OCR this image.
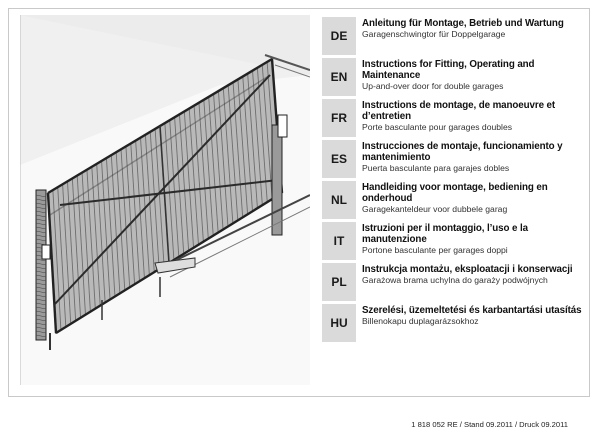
DE
Anleitung für Montage, Betrieb und Wartung
Garagenschwingtor für Doppelgarage
EN
Instructions for Fitting, Operating and Maintenance
Up-and-over door for double garages
FR
Instructions de montage, de manoeuvre et d’entretien
Porte basculante pour garages doubles
ES
Instrucciones de montaje, funcionamiento y mantenimiento
Puerta basculante para garajes dobles
NL
Handleiding voor montage, bediening en onderhoud
Garagekanteldeur voor dubbele garag
IT
Istruzioni per il montaggio, l’uso e la manutenzione
Portone basculante per garages doppi
PL
Instrukcja montażu, eksploatacji i konserwacji
Garażowa brama uchylna do garaży podwójnych
HU
Szerelési, üzemeltetési és karbantartási utasítás
Billenokapu duplagarázsokhoz
1 818 052 RE / Stand 09.2011 / Druck 09.2011
